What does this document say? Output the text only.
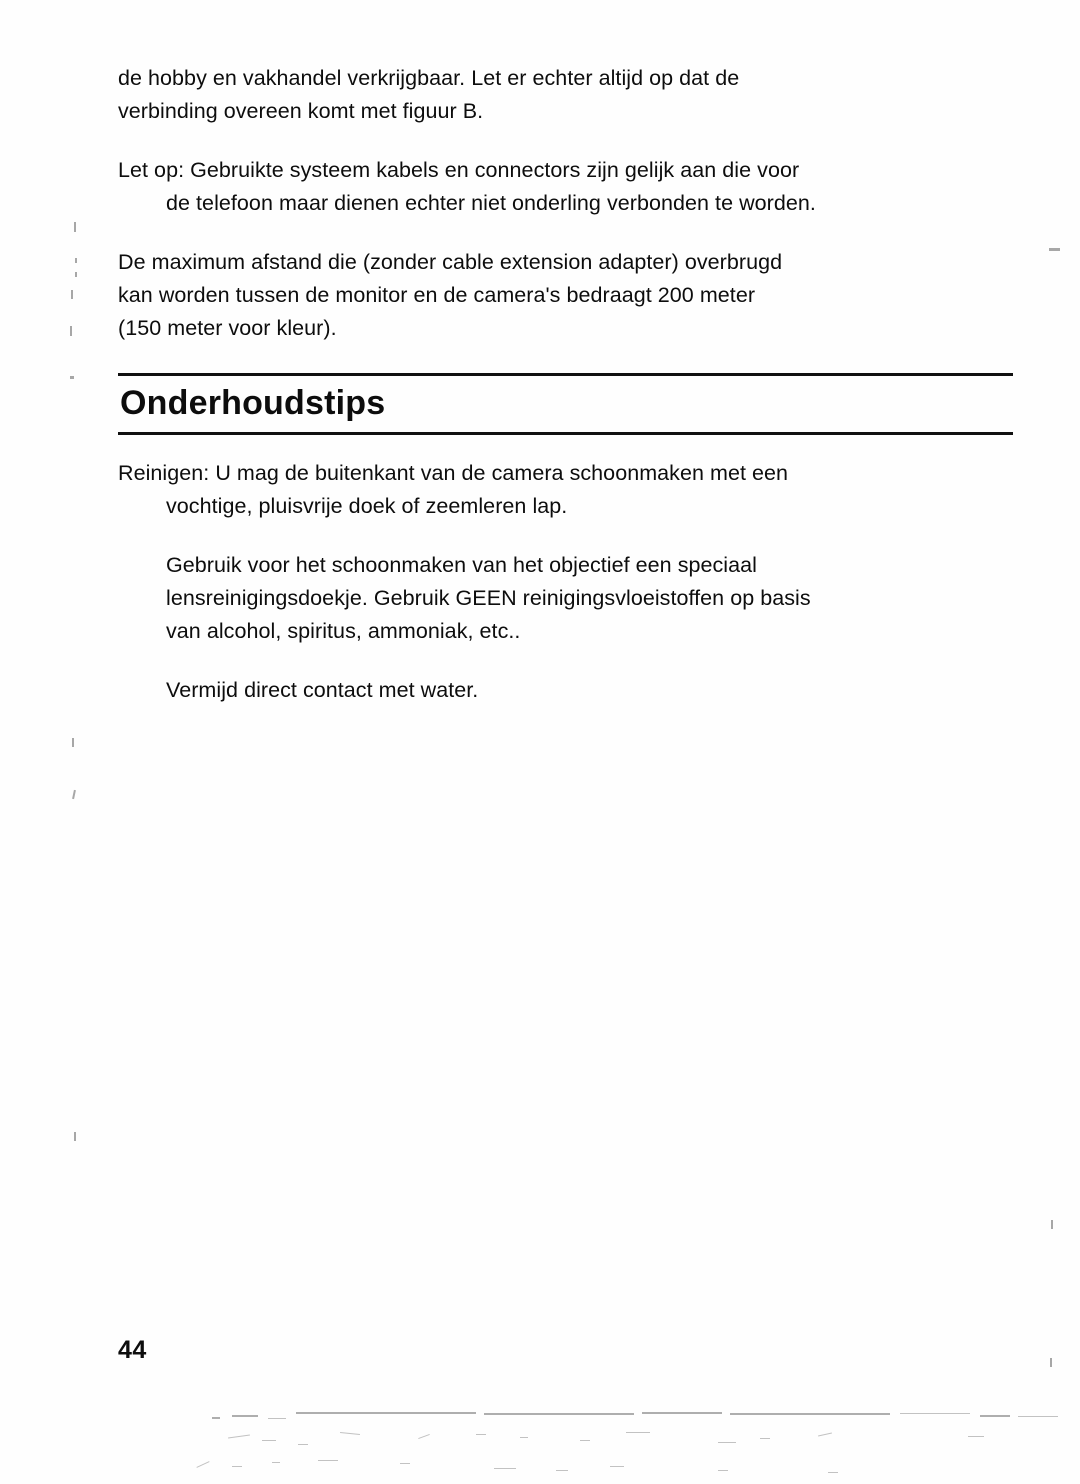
de hobby en vakhandel verkrijgbaar. Let er echter altijd op dat de

verbinding overeen komt met figuur B.

Let op: Gebruikte systeem kabels en connectors zijn gelijk aan die voor

de telefoon maar dienen echter niet onderling verbonden te worden.

De maximum afstand die (zonder cable extension adapter) overbrugd

kan worden tussen de monitor en de camera's bedraagt 200 meter

(150 meter voor kleur).

Onderhoudstips

Reinigen: U mag de buitenkant van de camera schoonmaken met een

vochtige, pluisvrije doek of zeemleren lap.

Gebruik voor het schoonmaken van het objectief een speciaal

lensreinigingsdoekje. Gebruik GEEN reinigingsvloeistoffen op basis

van alcohol, spiritus, ammoniak, etc..

Vermijd direct contact met water.

44
